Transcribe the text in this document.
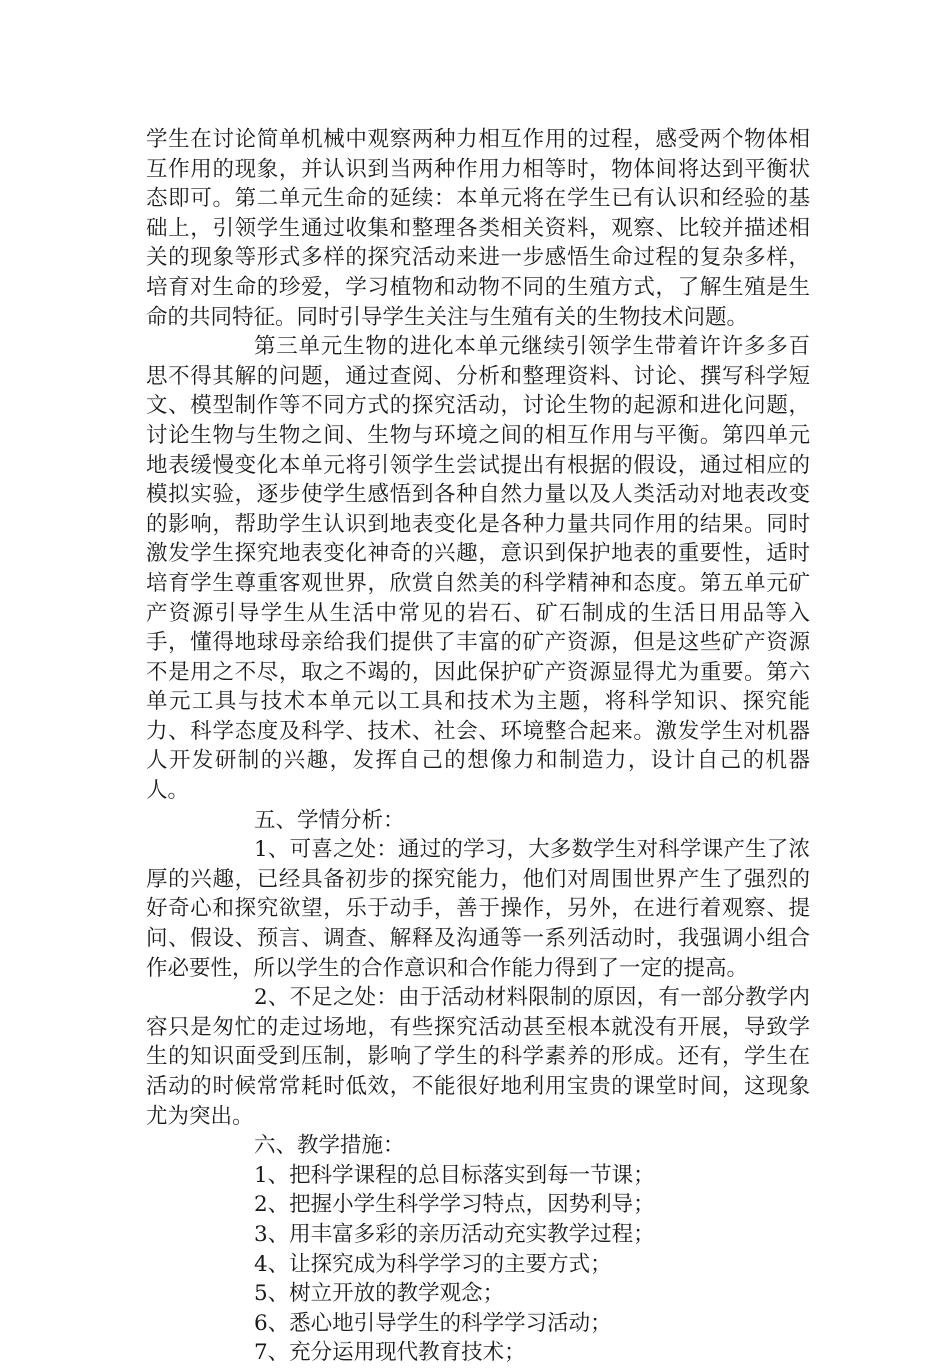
学生在讨论简单机械中观察两种力相互作用的过程，感受两个物体相互作用的现象，并认识到当两种作用力相等时，物体间将达到平衡状态即可。第二单元生命的延续：本单元将在学生已有认识和经验的基础上，引领学生通过收集和整理各类相关资料，观察、比较并描述相关的现象等形式多样的探究活动来进一步感悟生命过程的复杂多样，培育对生命的珍爱，学习植物和动物不同的生殖方式，了解生殖是生命的共同特征。同时引导学生关注与生殖有关的生物技术问题。

第三单元生物的进化本单元继续引领学生带着许许多多百思不得其解的问题，通过查阅、分析和整理资料、讨论、撰写科学短文、模型制作等不同方式的探究活动，讨论生物的起源和进化问题，讨论生物与生物之间、生物与环境之间的相互作用与平衡。第四单元地表缓慢变化本单元将引领学生尝试提出有根据的假设，通过相应的模拟实验，逐步使学生感悟到各种自然力量以及人类活动对地表改变的影响，帮助学生认识到地表变化是各种力量共同作用的结果。同时激发学生探究地表变化神奇的兴趣，意识到保护地表的重要性，适时培育学生尊重客观世界，欣赏自然美的科学精神和态度。第五单元矿产资源引导学生从生活中常见的岩石、矿石制成的生活日用品等入手，懂得地球母亲给我们提供了丰富的矿产资源，但是这些矿产资源不是用之不尽，取之不竭的，因此保护矿产资源显得尤为重要。第六单元工具与技术本单元以工具和技术为主题，将科学知识、探究能力、科学态度及科学、技术、社会、环境整合起来。激发学生对机器人开发研制的兴趣，发挥自己的想像力和制造力，设计自己的机器人。

五、学情分析：

1、可喜之处：通过的学习，大多数学生对科学课产生了浓厚的兴趣，已经具备初步的探究能力，他们对周围世界产生了强烈的好奇心和探究欲望，乐于动手，善于操作，另外，在进行着观察、提问、假设、预言、调查、解释及沟通等一系列活动时，我强调小组合作必要性，所以学生的合作意识和合作能力得到了一定的提高。

2、不足之处：由于活动材料限制的原因，有一部分教学内容只是匆忙的走过场地，有些探究活动甚至根本就没有开展，导致学生的知识面受到压制，影响了学生的科学素养的形成。还有，学生在活动的时候常常耗时低效，不能很好地利用宝贵的课堂时间，这现象尤为突出。

六、教学措施：

1、把科学课程的总目标落实到每一节课；

2、把握小学生科学学习特点，因势利导；

3、用丰富多彩的亲历活动充实教学过程；

4、让探究成为科学学习的主要方式；

5、树立开放的教学观念；

6、悉心地引导学生的科学学习活动；

7、充分运用现代教育技术；
